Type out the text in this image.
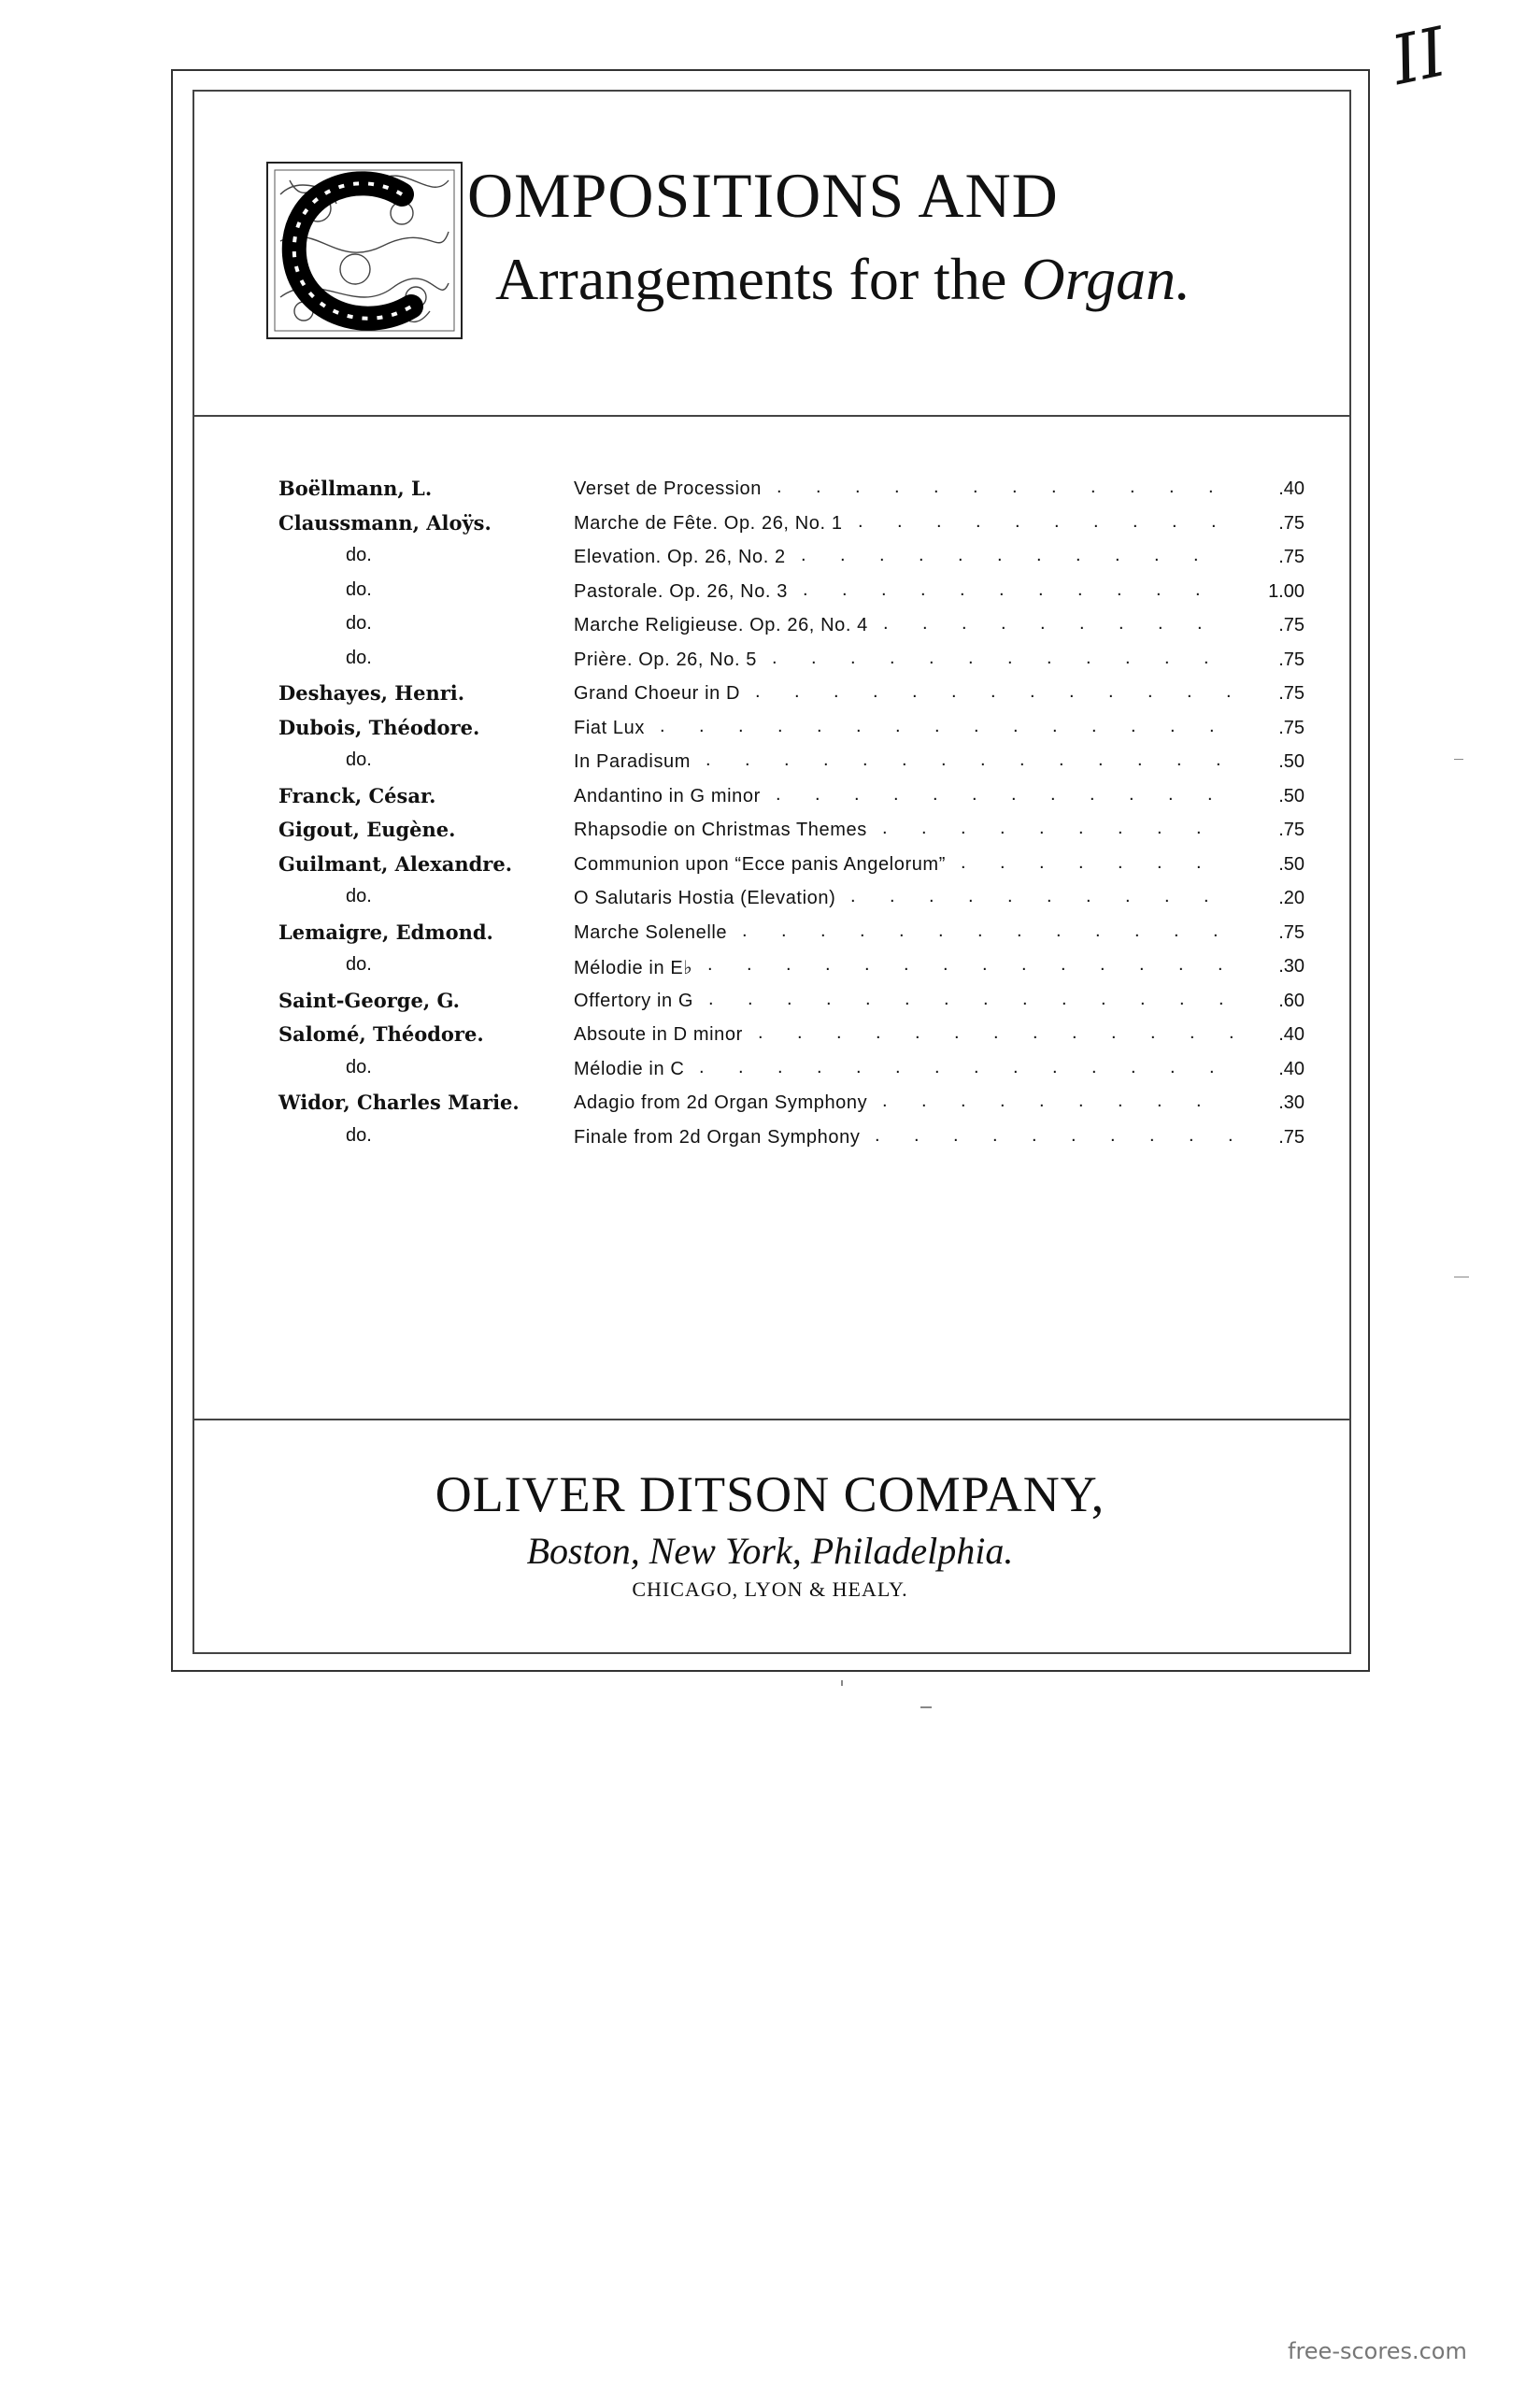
II
OMPOSITIONS AND
Arrangements for the Organ.
Boëllmann, L.	Verset de Procession	.40
. . . . . . . . . . . .
Claussmann, Aloÿs.	Marche de Fête. Op. 26, No. 1	.75
. . . . . . . . . .
do.	Elevation. Op. 26, No. 2	.75
. . . . . . . . . . .
do.	Pastorale. Op. 26, No. 3	1.00
. . . . . . . . . . .
do.	Marche Religieuse. Op. 26, No. 4	.75
. . . . . . . . .
do.	Prière. Op. 26, No. 5	.75
. . . . . . . . . . . .
Deshayes, Henri.	Grand Choeur in D	.75
. . . . . . . . . . . . .
Dubois, Théodore.	Fiat Lux	.75
. . . . . . . . . . . . . . .
do.	In Paradisum	.50
. . . . . . . . . . . . . .
Franck, César.	Andantino in G minor	.50
. . . . . . . . . . . .
Gigout, Eugène.	Rhapsodie on Christmas Themes	.75
. . . . . . . . .
Guilmant, Alexandre.	Communion upon “Ecce panis Angelorum”	.50
. . . . . . .
do.	O Salutaris Hostia (Elevation)	.20
. . . . . . . . . .
Lemaigre, Edmond.	Marche Solenelle	.75
. . . . . . . . . . . . .
do.	Mélodie in E♭	.30
. . . . . . . . . . . . . .
Saint-George, G.	Offertory in G	.60
. . . . . . . . . . . . . .
Salomé, Théodore.	Absoute in D minor	.40
. . . . . . . . . . . . .
do.	Mélodie in C	.40
. . . . . . . . . . . . . .
Widor, Charles Marie.	Adagio from 2d Organ Symphony	.30
. . . . . . . . .
do.	Finale from 2d Organ Symphony	.75
. . . . . . . . . .
OLIVER DITSON COMPANY,
Boston, New York, Philadelphia.
CHICAGO, LYON & HEALY.
free-scores.com
